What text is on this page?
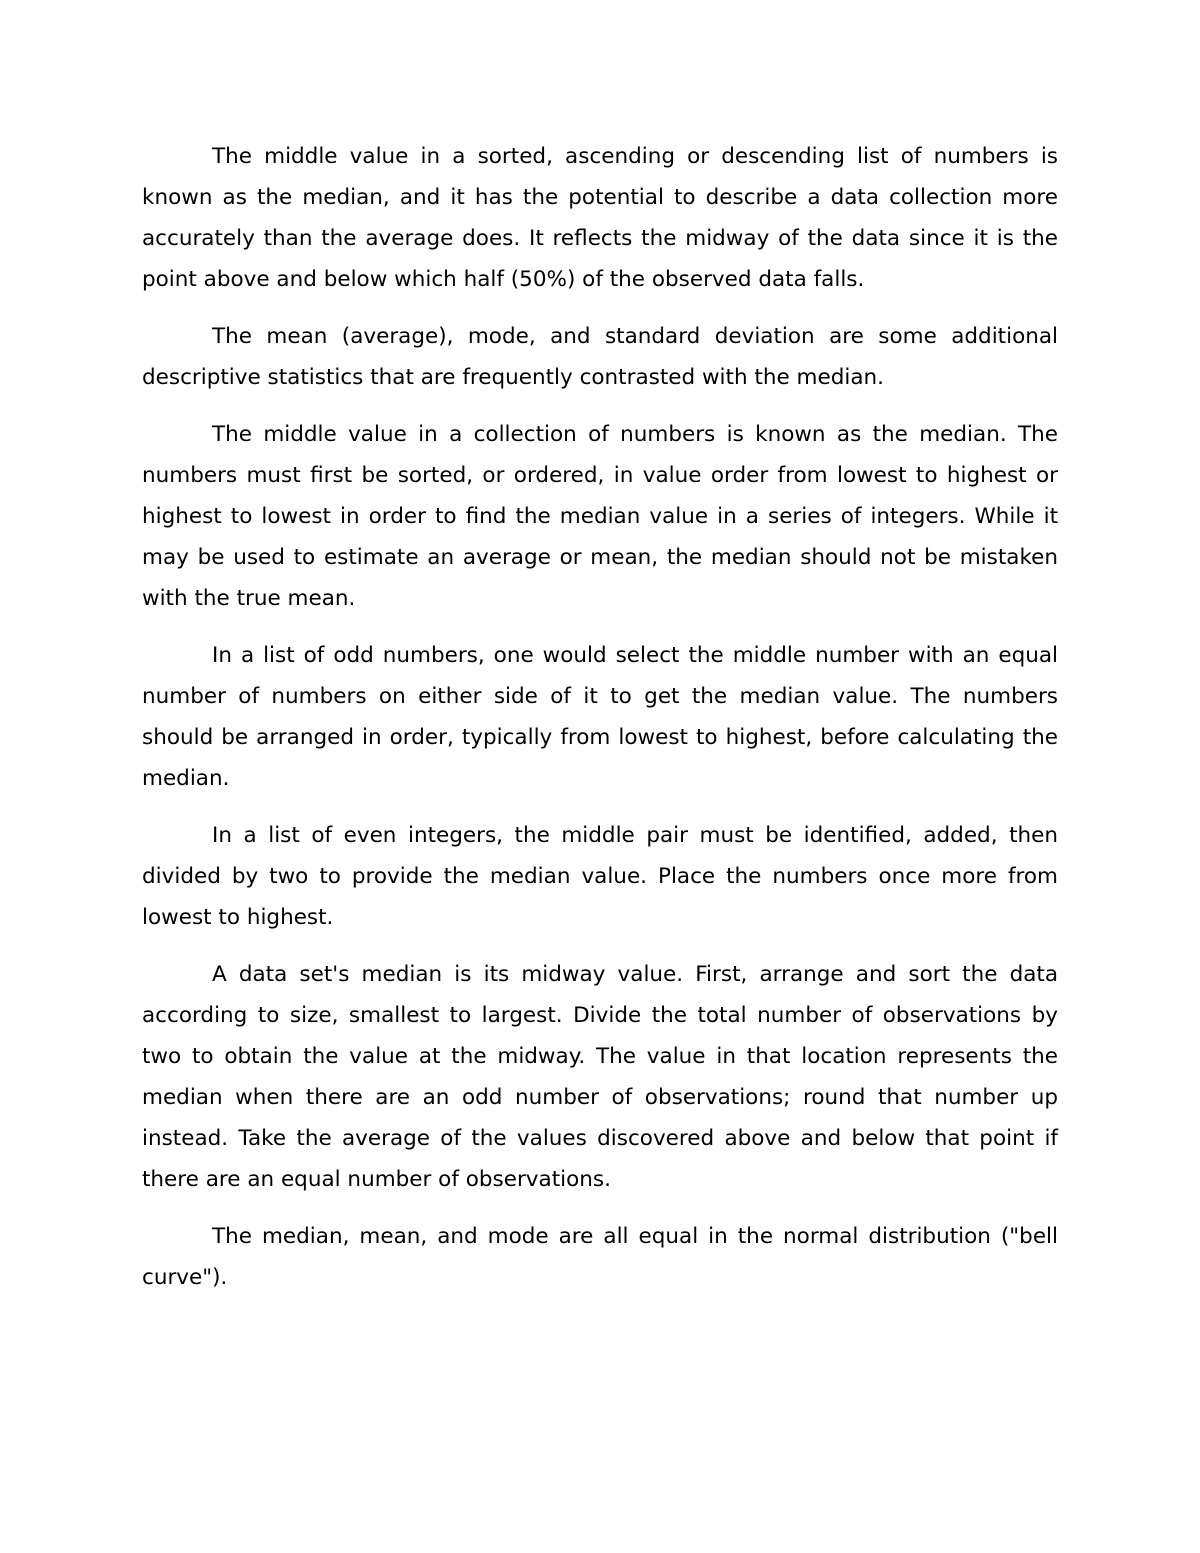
The middle value in a sorted, ascending or descending list of numbers is known as the median, and it has the potential to describe a data collection more accurately than the average does. It reflects the midway of the data since it is the point above and below which half (50%) of the observed data falls.

The mean (average), mode, and standard deviation are some additional descriptive statistics that are frequently contrasted with the median.

The middle value in a collection of numbers is known as the median. The numbers must first be sorted, or ordered, in value order from lowest to highest or highest to lowest in order to find the median value in a series of integers. While it may be used to estimate an average or mean, the median should not be mistaken with the true mean.

In a list of odd numbers, one would select the middle number with an equal number of numbers on either side of it to get the median value. The numbers should be arranged in order, typically from lowest to highest, before calculating the median.

In a list of even integers, the middle pair must be identified, added, then divided by two to provide the median value. Place the numbers once more from lowest to highest.

A data set's median is its midway value. First, arrange and sort the data according to size, smallest to largest. Divide the total number of observations by two to obtain the value at the midway. The value in that location represents the median when there are an odd number of observations; round that number up instead. Take the average of the values discovered above and below that point if there are an equal number of observations.

The median, mean, and mode are all equal in the normal distribution ("bell curve").
